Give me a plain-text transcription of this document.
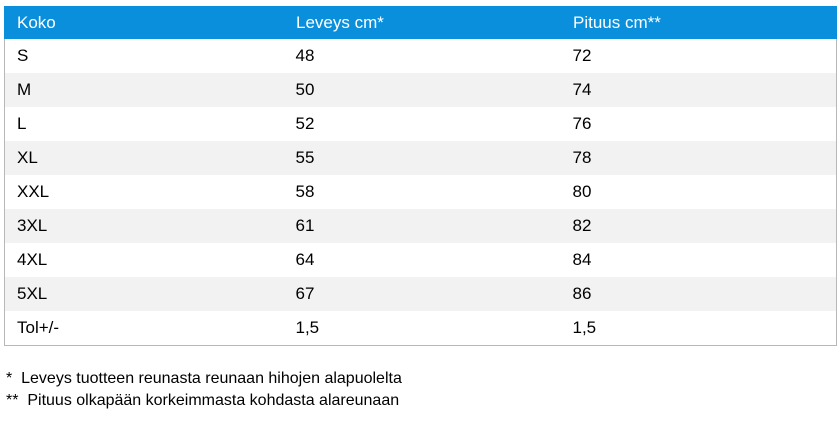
Koko	Leveys cm*	Pituus cm**
S	48	72
M	50	74
L	52	76
XL	55	78
XXL	58	80
3XL	61	82
4XL	64	84
5XL	67	86
Tol+/-	1,5	1,5
*  Leveys tuotteen reunasta reunaan hihojen alapuolelta
**  Pituus olkapään korkeimmasta kohdasta alareunaan
